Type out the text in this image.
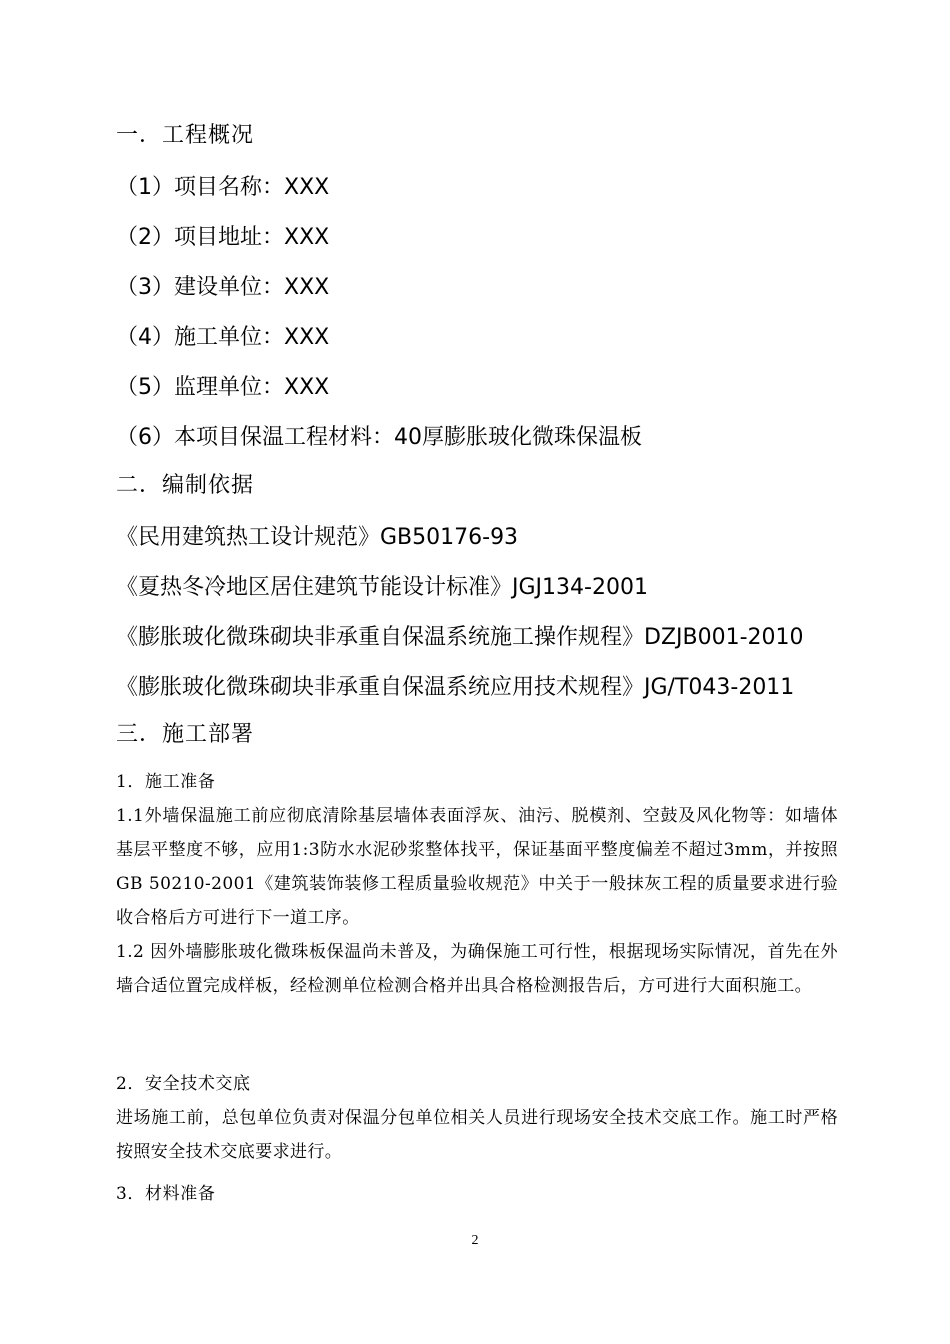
一．工程概况

（1）项目名称：XXX

（2）项目地址：XXX

（3）建设单位：XXX

（4）施工单位：XXX

（5）监理单位：XXX

（6）本项目保温工程材料：40厚膨胀玻化微珠保温板

二．编制依据

《民用建筑热工设计规范》GB50176-93

《夏热冬冷地区居住建筑节能设计标准》JGJ134-2001

《膨胀玻化微珠砌块非承重自保温系统施工操作规程》DZJB001-2010

《膨胀玻化微珠砌块非承重自保温系统应用技术规程》JG/T043-2011

三．施工部署

1．施工准备

1.1外墙保温施工前应彻底清除基层墙体表面浮灰、油污、脱模剂、空鼓及风化物等：如墙体基层平整度不够，应用1:3防水水泥砂浆整体找平，保证基面平整度偏差不超过3mm，并按照GB 50210-2001《建筑装饰装修工程质量验收规范》中关于一般抹灰工程的质量要求进行验收合格后方可进行下一道工序。

1.2 因外墙膨胀玻化微珠板保温尚未普及，为确保施工可行性，根据现场实际情况，首先在外墙合适位置完成样板，经检测单位检测合格并出具合格检测报告后，方可进行大面积施工。

2．安全技术交底

进场施工前，总包单位负责对保温分包单位相关人员进行现场安全技术交底工作。施工时严格按照安全技术交底要求进行。

3．材料准备

2
